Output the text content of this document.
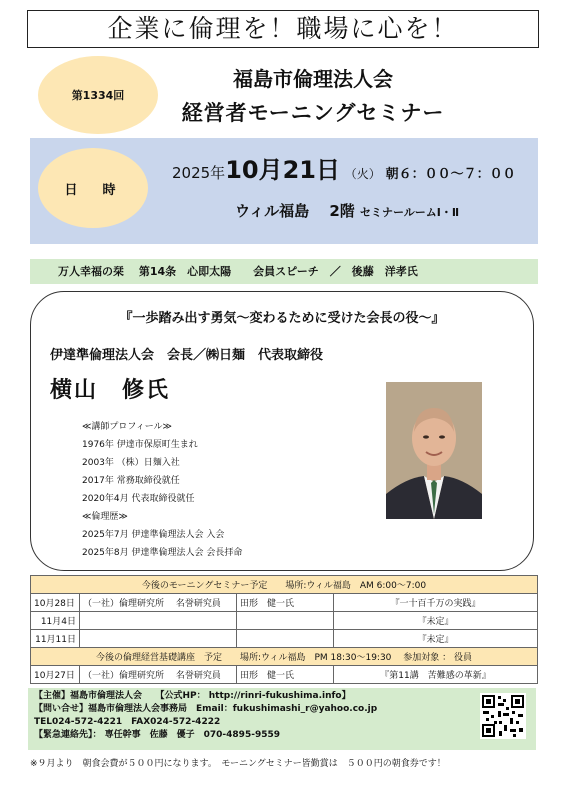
企業に倫理を！職場に心を！
第1334回
福島市倫理法人会
経営者モーニングセミナー
日　時
2025年10月21日 （火） 朝６：００～７：００
ウィル福島　 2階 セミナールームⅠ・Ⅱ
万人幸福の栞　 第14条　心即太陽　　会員スピーチ　／　後藤　洋孝氏
『一歩踏み出す勇気～変わるために受けた会長の役～』
伊達準倫理法人会　会長／㈱日麺　代表取締役
横山　修氏
≪講師プロフィール≫
1976年 伊達市保原町生まれ
2003年 （株）日麺入社
2017年 常務取締役就任
2020年4月 代表取締役就任
≪倫理歴≫
2025年7月 伊達準倫理法人会 入会
2025年8月 伊達準倫理法人会 会長拝命
今後のモーニングセミナー予定　　場所:ウィル福島　AM 6:00～7:00			
10月28日	（一社）倫理研究所　 名誉研究員	田形　健一氏	『一十百千万の実践』
11月4日			『未定』
11月11日			『未定』
今後の倫理経営基礎講座　予定　　場所:ウィル福島　PM 18:30～19:30　 参加対象 ： 役員			
10月27日	（一社）倫理研究所　 名誉研究員	田形　健一氏	『第11講　苦難感の革新』
【主催】福島市倫理法人会　　【公式HP： http://rinri-fukushima.info】
【問い合せ】福島市倫理法人会事務局　Email：fukushimashi_r@yahoo.co.jp
TEL024-572-4221　FAX024-572-4222
【緊急連絡先】： 専任幹事　佐藤　優子　070-4895-9559
※９月より　朝食会費が５００円になります。　モーニングセミナー皆勤賞は　５００円の朝食券です！
